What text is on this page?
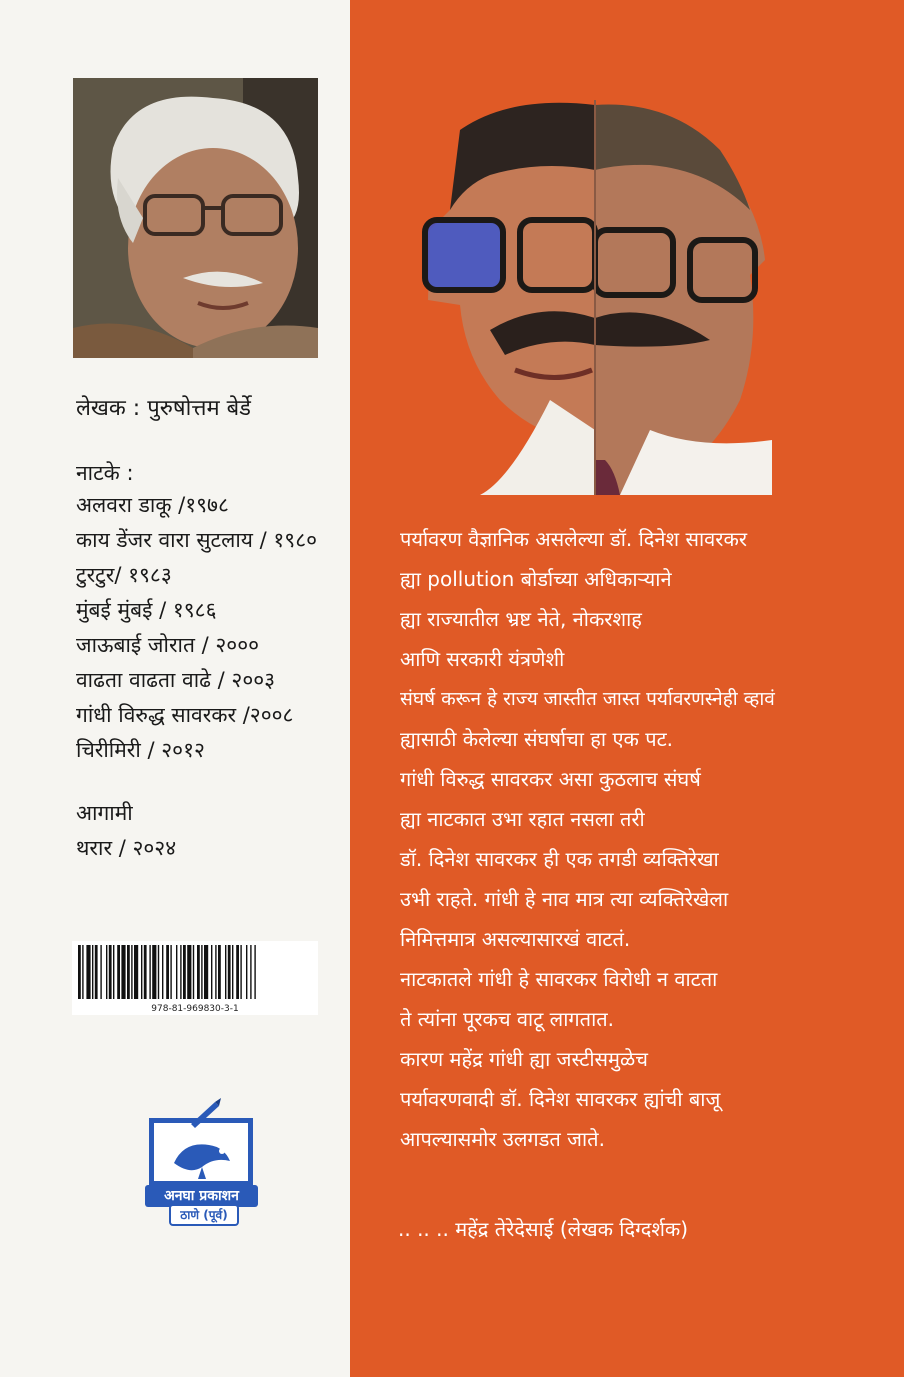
लेखक : पुरुषोत्तम बेर्डे
नाटके :
अलवरा डाकू /१९७८
काय डेंजर वारा सुटलाय / १९८०
टुरटुर/ १९८३
मुंबई मुंबई / १९८६
जाऊबाई जोरात / २०००
वाढता वाढता वाढे / २००३
गांधी विरुद्ध सावरकर /२००८
चिरीमिरी / २०१२
आगामी
थरार / २०२४
978-81-969830-3-1
अनघा प्रकाशन
ठाणे (पूर्व)
पर्यावरण वैज्ञानिक असलेल्या डॉ. दिनेश सावरकर
ह्या pollution बोर्डाच्या अधिकाऱ्याने
ह्या राज्यातील भ्रष्ट नेते, नोकरशाह
आणि सरकारी यंत्रणेशी
संघर्ष करून हे राज्य जास्तीत जास्त पर्यावरणस्नेही व्हावं
ह्यासाठी केलेल्या संघर्षाचा हा एक पट.
गांधी विरुद्ध सावरकर असा कुठलाच संघर्ष
ह्या नाटकात उभा रहात नसला तरी
डॉ. दिनेश सावरकर ही एक तगडी व्यक्तिरेखा
उभी राहते. गांधी हे नाव मात्र त्या व्यक्तिरेखेला
निमित्तमात्र असल्यासारखं वाटतं.
नाटकातले गांधी हे सावरकर विरोधी न वाटता
ते त्यांना पूरकच वाटू लागतात.
कारण महेंद्र गांधी ह्या जस्टीसमुळेच
पर्यावरणवादी डॉ. दिनेश सावरकर ह्यांची बाजू
आपल्यासमोर उलगडत जाते.
.. .. .. महेंद्र तेरेदेसाई (लेखक दिग्दर्शक)
